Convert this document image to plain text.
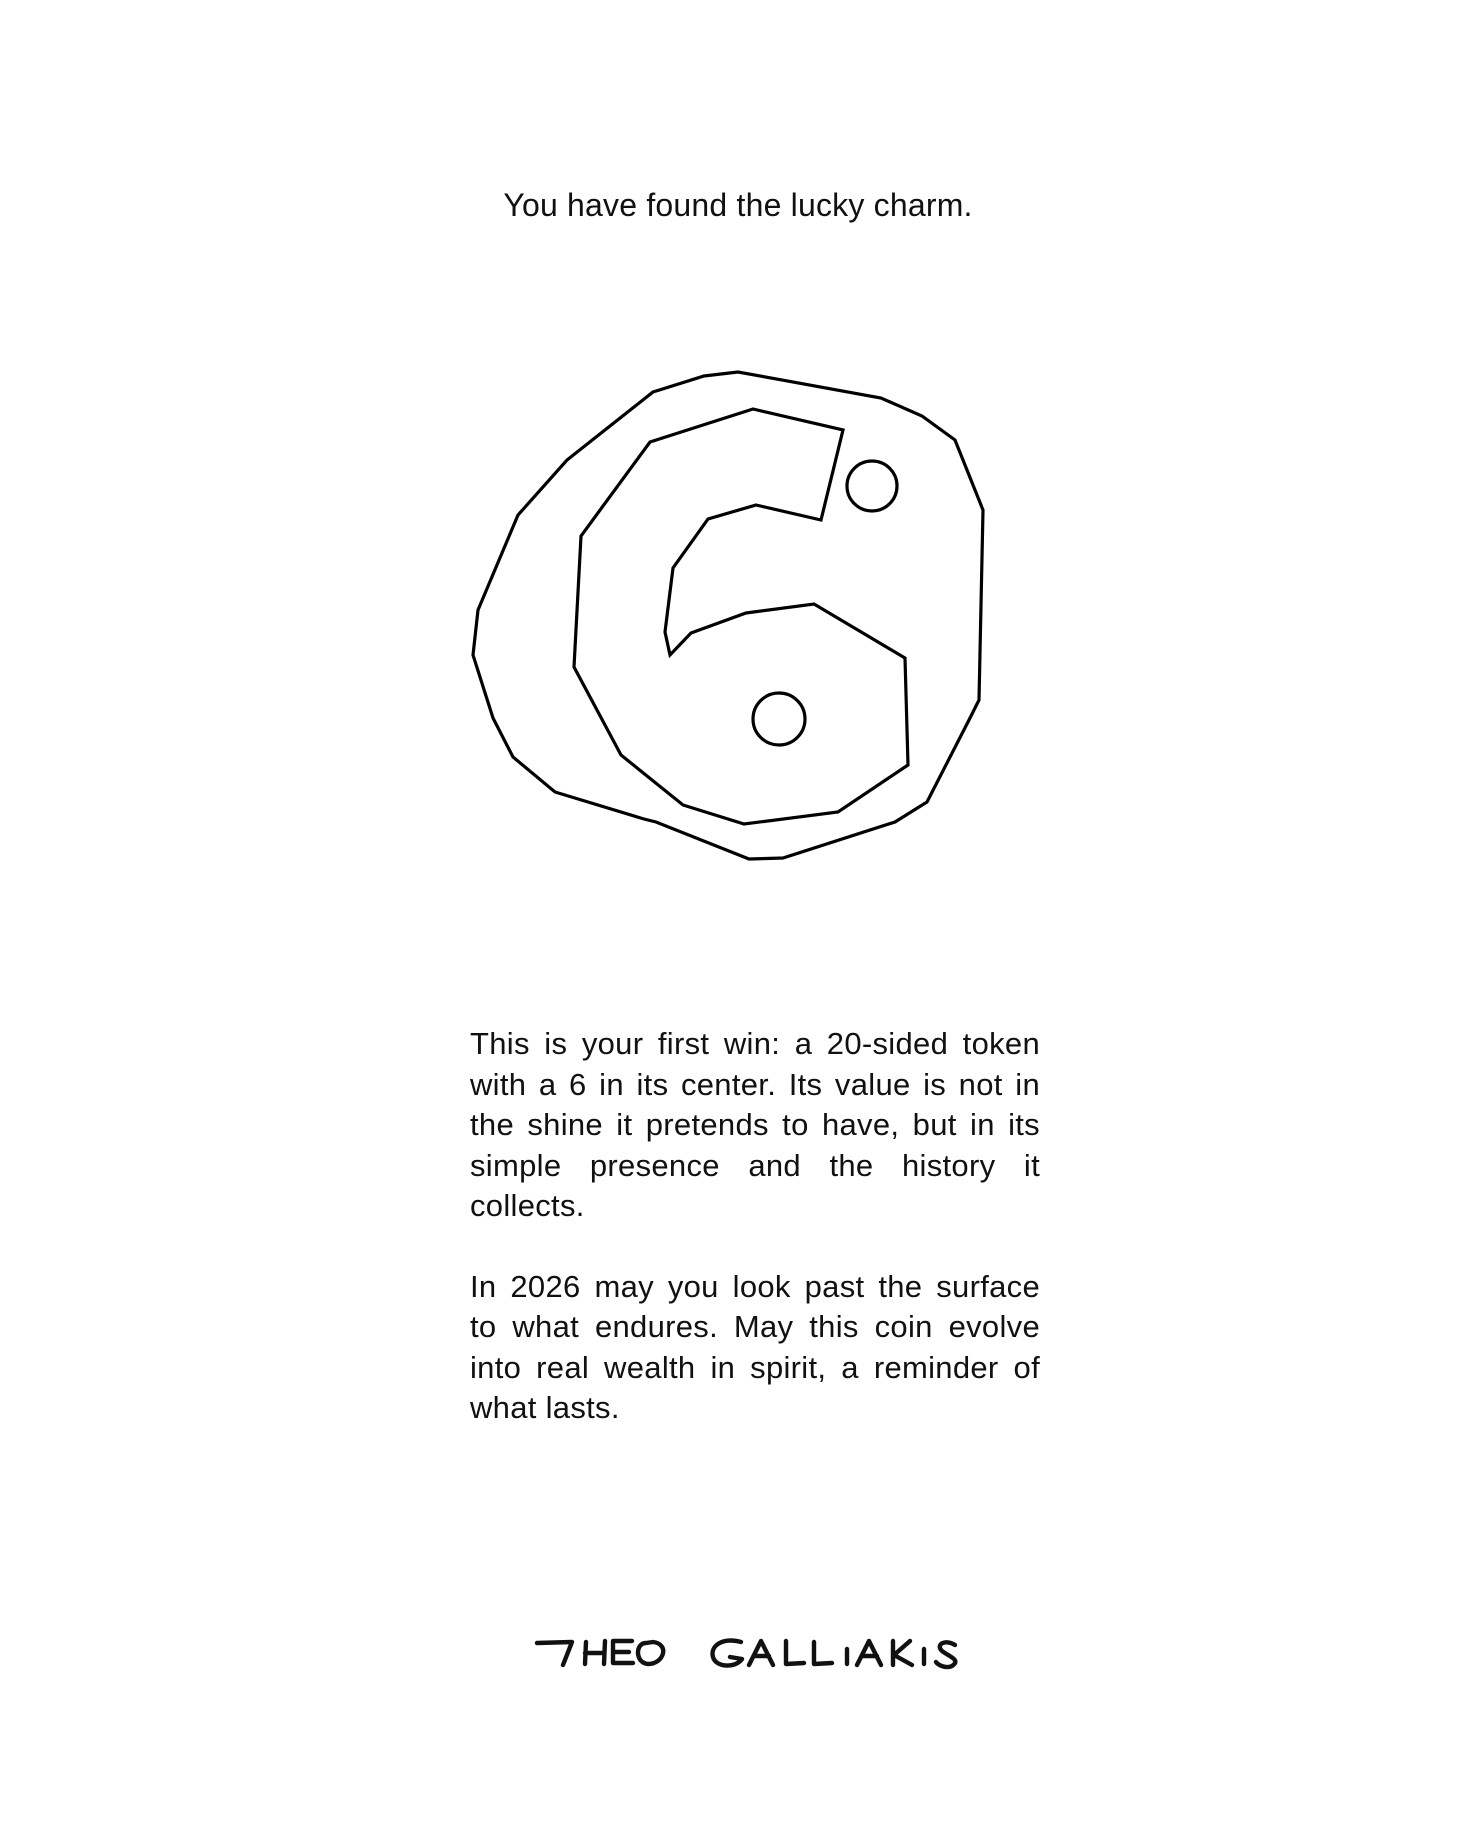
You have found the lucky charm.

This is your first win: a 20-sided token with a 6 in its center. Its value is not in the shine it pretends to have, but in its simple presence and the history it collects.

In 2026 may you look past the surface to what endures. May this coin evolve into real wealth in spirit, a reminder of what lasts.
